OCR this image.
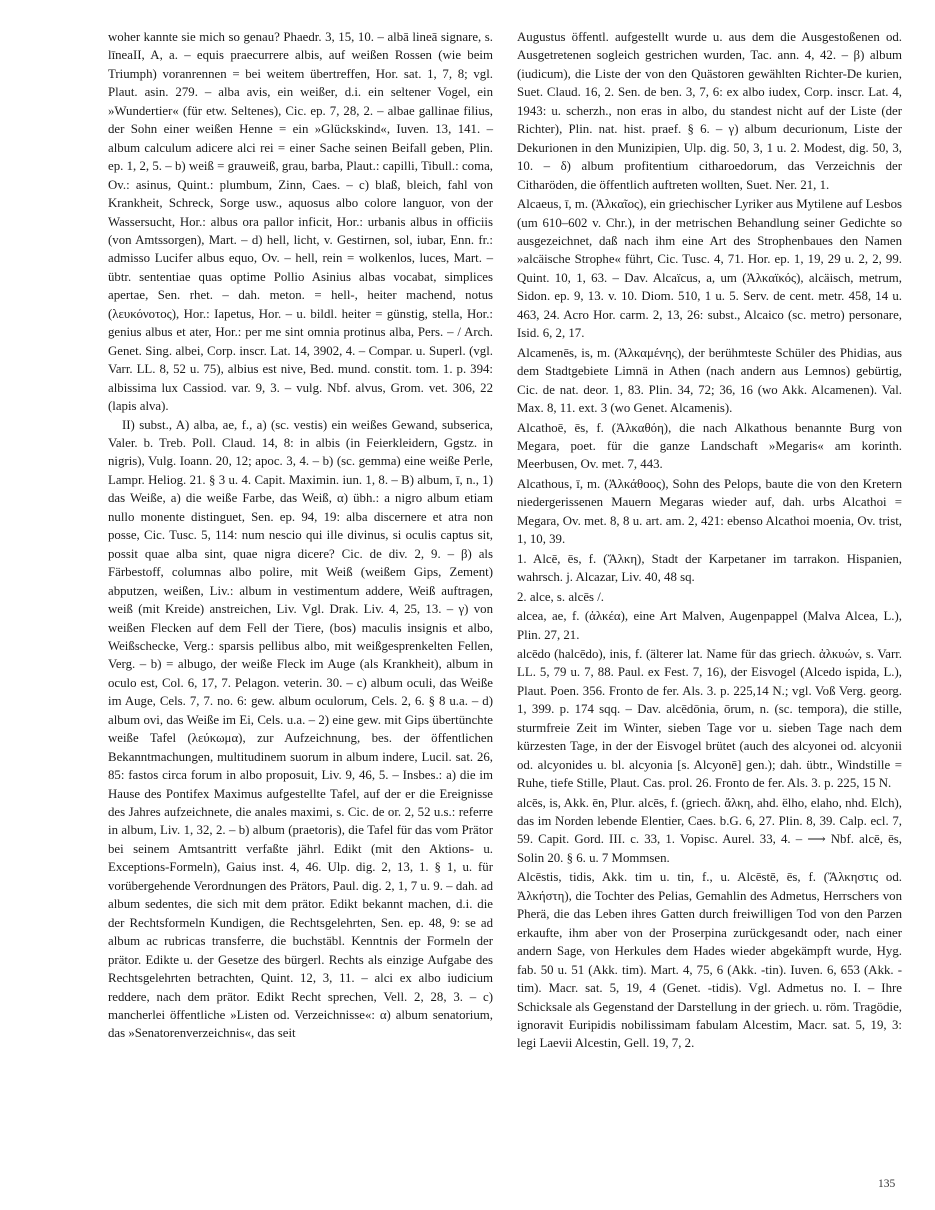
woher kannte sie mich so genau? Phaedr. 3, 15, 10. – albā lineā signare, s. līneaII, A, a. – equis praecurrere albis, auf weißen Rossen (wie beim Triumph) voranrennen = bei weitem übertreffen, Hor. sat. 1, 7, 8; vgl. Plaut. asin. 279. – alba avis, ein weißer, d.i. ein seltener Vogel, ein »Wundertier« (für etw. Seltenes), Cic. ep. 7, 28, 2. – albae gallinae filius, der Sohn einer weißen Henne = ein »Glückskind«, Iuven. 13, 141. – album calculum adicere alci rei = einer Sache seinen Beifall geben, Plin. ep. 1, 2, 5. – b) weiß = grauweiß, grau, barba, Plaut.: capilli, Tibull.: coma, Ov.: asinus, Quint.: plumbum, Zinn, Caes. – c) blaß, bleich, fahl von Krankheit, Schreck, Sorge usw., aquosus albo colore languor, von der Wassersucht, Hor.: albus ora pallor inficit, Hor.: urbanis albus in officiis (von Amtssorgen), Mart. – d) hell, licht, v. Gestirnen, sol, iubar, Enn. fr.: admisso Lucifer albus equo, Ov. – hell, rein = wolkenlos, luces, Mart. – übtr. sententiae quas optime Pollio Asinius albas vocabat, simplices apertae, Sen. rhet. – dah. meton. = hell-, heiter machend, notus (λευκόνοτος), Hor.: Iapetus, Hor. – u. bildl. heiter = günstig, stella, Hor.: genius albus et ater, Hor.: per me sint omnia protinus alba, Pers. – / Arch. Genet. Sing. albei, Corp. inscr. Lat. 14, 3902, 4. – Compar. u. Superl. (vgl. Varr. LL. 8, 52 u. 75), albius est nive, Bed. mund. constit. tom. 1. p. 394: albissima lux Cassiod. var. 9, 3. – vulg. Nbf. alvus, Grom. vet. 306, 22 (lapis alva).

II) subst., A) alba, ae, f., a) (sc. vestis) ein weißes Gewand, subserica, Valer. b. Treb. Poll. Claud. 14, 8: in albis (in Feierkleidern, Ggstz. in nigris), Vulg. Ioann. 20, 12; apoc. 3, 4. – b) (sc. gemma) eine weiße Perle, Lampr. Heliog. 21. § 3 u. 4. Capit. Maximin. iun. 1, 8. – B) album, ī, n., 1) das Weiße, a) die weiße Farbe, das Weiß, α) übh.: a nigro album etiam nullo monente distinguet, Sen. ep. 94, 19: alba discernere et atra non posse, Cic. Tusc. 5, 114: num nescio qui ille divinus, si oculis captus sit, possit quae alba sint, quae nigra dicere? Cic. de div. 2, 9. – β) als Färbestoff, columnas albo polire, mit Weiß (weißem Gips, Zement) abputzen, weißen, Liv.: album in vestimentum addere, Weiß auftragen, weiß (mit Kreide) anstreichen, Liv. Vgl. Drak. Liv. 4, 25, 13. – γ) von weißen Flecken auf dem Fell der Tiere, (bos) maculis insignis et albo, Weißschecke, Verg.: sparsis pellibus albo, mit weißgesprenkelten Fellen, Verg. – b) = albugo, der weiße Fleck im Auge (als Krankheit), album in oculo est, Col. 6, 17, 7. Pelagon. veterin. 30. – c) album oculi, das Weiße im Auge, Cels. 7, 7. no. 6: gew. album oculorum, Cels. 2, 6. § 8 u.a. – d) album ovi, das Weiße im Ei, Cels. u.a. – 2) eine gew. mit Gips übertünchte weiße Tafel (λεύκωμα), zur Aufzeichnung, bes. der öffentlichen Bekanntmachungen, multitudinem suorum in album indere, Lucil. sat. 26, 85: fastos circa forum in albo proposuit, Liv. 9, 46, 5. – Insbes.: a) die im Hause des Pontifex Maximus aufgestellte Tafel, auf der er die Ereignisse des Jahres aufzeichnete, die anales maximi, s. Cic. de or. 2, 52 u.s.: referre in album, Liv. 1, 32, 2. – b) album (praetoris), die Tafel für das vom Prätor bei seinem Amtsantritt verfaßte jährl. Edikt (mit den Aktions- u. Exceptions-Formeln), Gaius inst. 4, 46. Ulp. dig. 2, 13, 1. § 1, u. für vorübergehende Verordnungen des Prätors, Paul. dig. 2, 1, 7 u. 9. – dah. ad album sedentes, die sich mit dem prätor. Edikt bekannt machen, d.i. die der Rechtsformeln Kundigen, die Rechtsgelehrten, Sen. ep. 48, 9: se ad album ac rubricas transferre, die buchstäbl. Kenntnis der Formeln der prätor. Edikte u. der Gesetze des bürgerl. Rechts als einzige Aufgabe des Rechtsgelehrten betrachten, Quint. 12, 3, 11. – alci ex albo iudicium reddere, nach dem prätor. Edikt Recht sprechen, Vell. 2, 28, 3. – c) mancherlei öffentliche »Listen od. Verzeichnisse«: α) album senatorium, das »Senatorenverzeichnis«, das seit

Augustus öffentl. aufgestellt wurde u. aus dem die Ausgestoßenen od. Ausgetretenen sogleich gestrichen wurden, Tac. ann. 4, 42. – β) album (iudicum), die Liste der von den Quästoren gewählten Richter-De kurien, Suet. Claud. 16, 2. Sen. de ben. 3, 7, 6: ex albo iudex, Corp. inscr. Lat. 4, 1943: u. scherzh., non eras in albo, du standest nicht auf der Liste (der Richter), Plin. nat. hist. praef. § 6. – γ) album decurionum, Liste der Dekurionen in den Munizipien, Ulp. dig. 50, 3, 1 u. 2. Modest, dig. 50, 3, 10. – δ) album profitentium citharoedorum, das Verzeichnis der Citharöden, die öffentlich auftreten wollten, Suet. Ner. 21, 1.

Alcaeus, ī, m. (Ἀλκαῖος), ein griechischer Lyriker aus Mytilene auf Lesbos (um 610–602 v. Chr.), in der metrischen Behandlung seiner Gedichte so ausgezeichnet, daß nach ihm eine Art des Strophenbaues den Namen »alcäische Strophe« führt, Cic. Tusc. 4, 71. Hor. ep. 1, 19, 29 u. 2, 2, 99. Quint. 10, 1, 63. – Dav. Alcaïcus, a, um (Ἀλκαϊκός), alcäisch, metrum, Sidon. ep. 9, 13. v. 10. Diom. 510, 1 u. 5. Serv. de cent. metr. 458, 14 u. 463, 24. Acro Hor. carm. 2, 13, 26: subst., Alcaico (sc. metro) personare, Isid. 6, 2, 17.

Alcamenēs, is, m. (Ἀλκαμένης), der berühmteste Schüler des Phidias, aus dem Stadtgebiete Limnä in Athen (nach andern aus Lemnos) gebürtig, Cic. de nat. deor. 1, 83. Plin. 34, 72; 36, 16 (wo Akk. Alcamenen). Val. Max. 8, 11. ext. 3 (wo Genet. Alcamenis).

Alcathoē, ēs, f. (Ἀλκαθόη), die nach Alkathous benannte Burg von Megara, poet. für die ganze Landschaft »Megaris« am korinth. Meerbusen, Ov. met. 7, 443.

Alcathous, ī, m. (Ἀλκάθοος), Sohn des Pelops, baute die von den Kretern niedergerissenen Mauern Megaras wieder auf, dah. urbs Alcathoi = Megara, Ov. met. 8, 8 u. art. am. 2, 421: ebenso Alcathoi moenia, Ov. trist, 1, 10, 39.

1. Alcē, ēs, f. (Ἄλκη), Stadt der Karpetaner im tarrakon. Hispanien, wahrsch. j. Alcazar, Liv. 40, 48 sq.

2. alce, s. alcēs /.

alcea, ae, f. (ἀλκέα), eine Art Malven, Augenpappel (Malva Alcea, L.), Plin. 27, 21.

alcēdo (halcēdo), inis, f. (älterer lat. Name für das griech. ἀλκυών, s. Varr. LL. 5, 79 u. 7, 88. Paul. ex Fest. 7, 16), der Eisvogel (Alcedo ispida, L.), Plaut. Poen. 356. Fronto de fer. Als. 3. p. 225,14 N.; vgl. Voß Verg. georg. 1, 399. p. 174 sqq. – Dav. alcēdōnia, ōrum, n. (sc. tempora), die stille, sturmfreie Zeit im Winter, sieben Tage vor u. sieben Tage nach dem kürzesten Tage, in der der Eisvogel brütet (auch des alcyonei od. alcyonii od. alcyonides u. bl. alcyonia [s. Alcyonē] gen.); dah. übtr., Windstille = Ruhe, tiefe Stille, Plaut. Cas. prol. 26. Fronto de fer. Als. 3. p. 225, 15 N.

alcēs, is, Akk. ēn, Plur. alcēs, f. (griech. ἄλκη, ahd. ëlho, elaho, nhd. Elch), das im Norden lebende Elentier, Caes. b.G. 6, 27. Plin. 8, 39. Calp. ecl. 7, 59. Capit. Gord. III. c. 33, 1. Vopisc. Aurel. 33, 4. – ⟶ Nbf. alcē, ēs, Solin 20. § 6. u. 7 Mommsen.

Alcēstis, tidis, Akk. tim u. tin, f., u. Alcēstē, ēs, f. (Ἄλκηστις od. Ἀλκήστη), die Tochter des Pelias, Gemahlin des Admetus, Herrschers von Pherä, die das Leben ihres Gatten durch freiwilligen Tod von den Parzen erkaufte, ihm aber von der Proserpina zurückgesandt oder, nach einer andern Sage, von Herkules dem Hades wieder abgekämpft wurde, Hyg. fab. 50 u. 51 (Akk. tim). Mart. 4, 75, 6 (Akk. -tin). Iuven. 6, 653 (Akk. -tim). Macr. sat. 5, 19, 4 (Genet. -tidis). Vgl. Admetus no. I. – Ihre Schicksale als Gegenstand der Darstellung in der griech. u. röm. Tragödie, ignoravit Euripidis nobilissimam fabulam Alcestim, Macr. sat. 5, 19, 3: legi Laevii Alcestin, Gell. 19, 7, 2.

135
